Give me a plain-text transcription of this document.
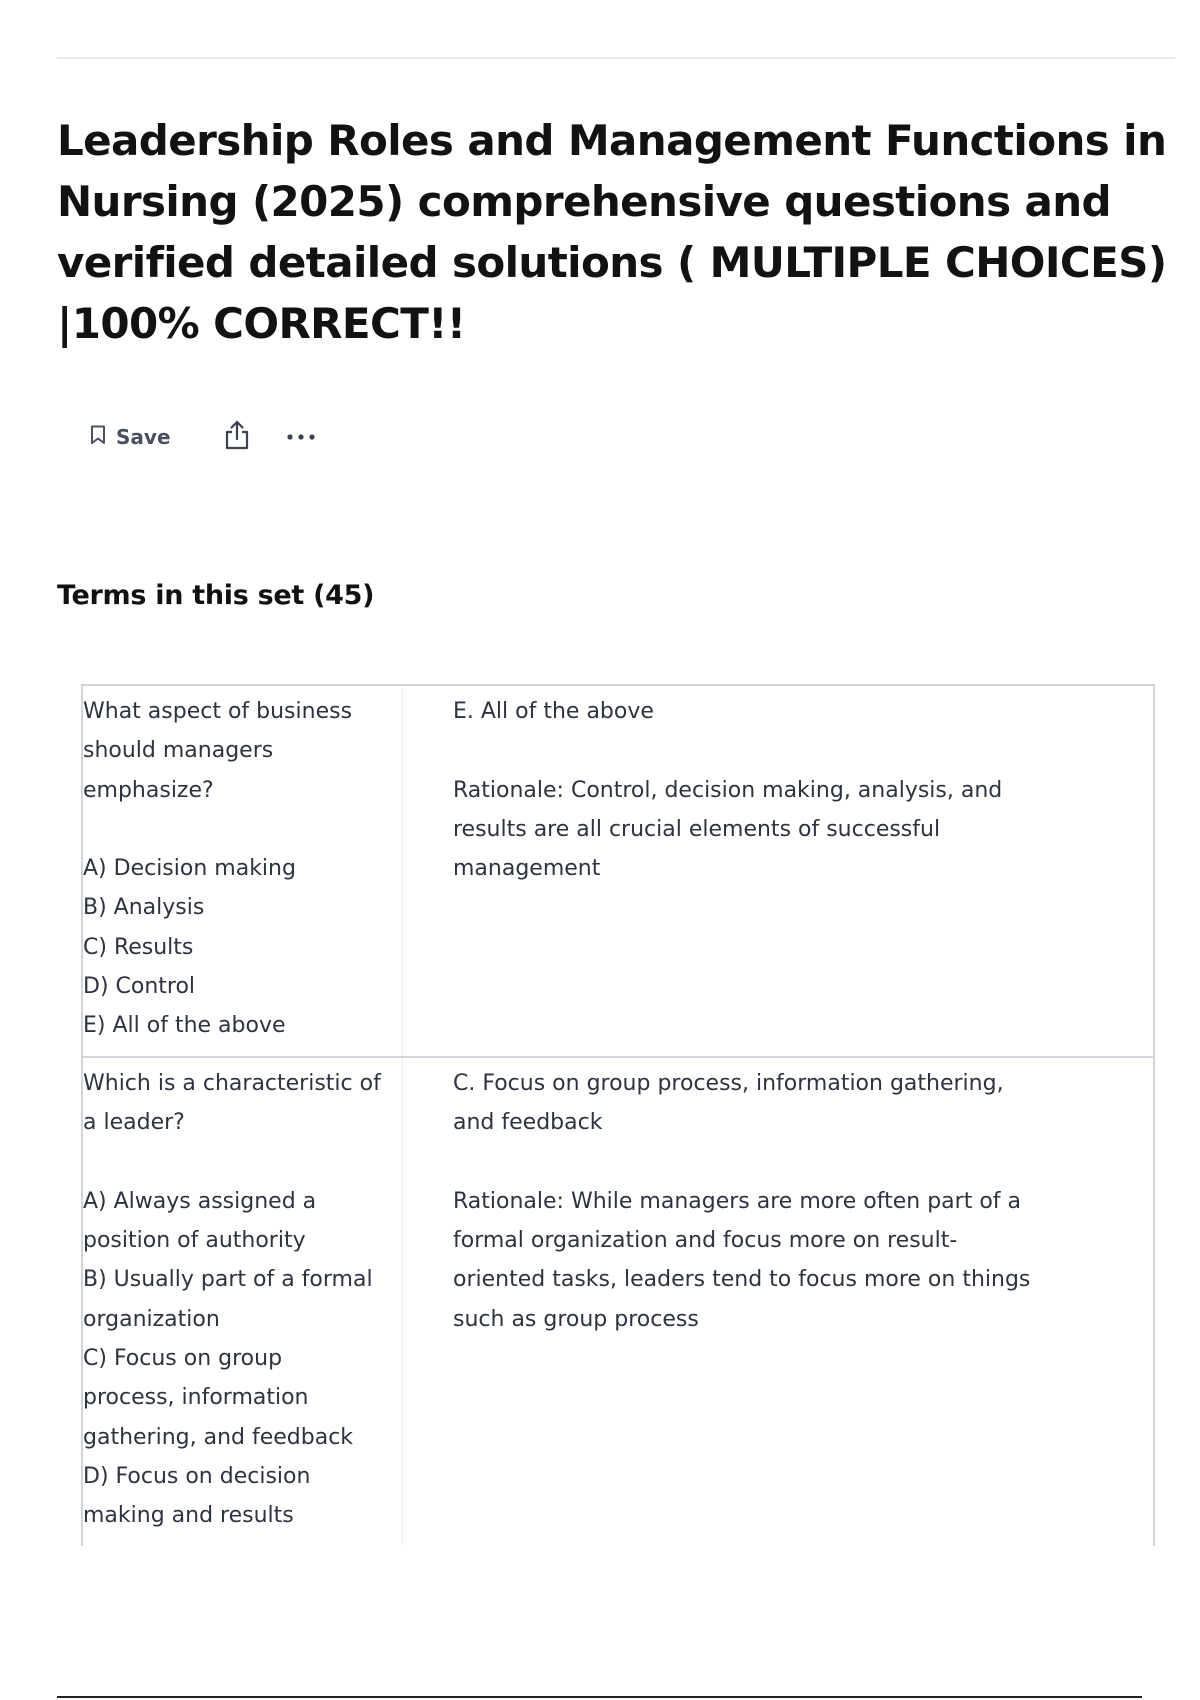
Leadership Roles and Management Functions in
Nursing (2025) comprehensive questions and
verified detailed solutions ( MULTIPLE CHOICES)
|100% CORRECT!!
Save
Terms in this set (45)
What aspect of business
should managers
emphasize?
A) Decision making
B) Analysis
C) Results
D) Control
E) All of the above
E. All of the above
Rationale: Control, decision making, analysis, and
results are all crucial elements of successful
management
Which is a characteristic of
a leader?
A) Always assigned a
position of authority
B) Usually part of a formal
organization
C) Focus on group
process, information
gathering, and feedback
D) Focus on decision
making and results
C. Focus on group process, information gathering,
and feedback
Rationale: While managers are more often part of a
formal organization and focus more on result-
oriented tasks, leaders tend to focus more on things
such as group process
